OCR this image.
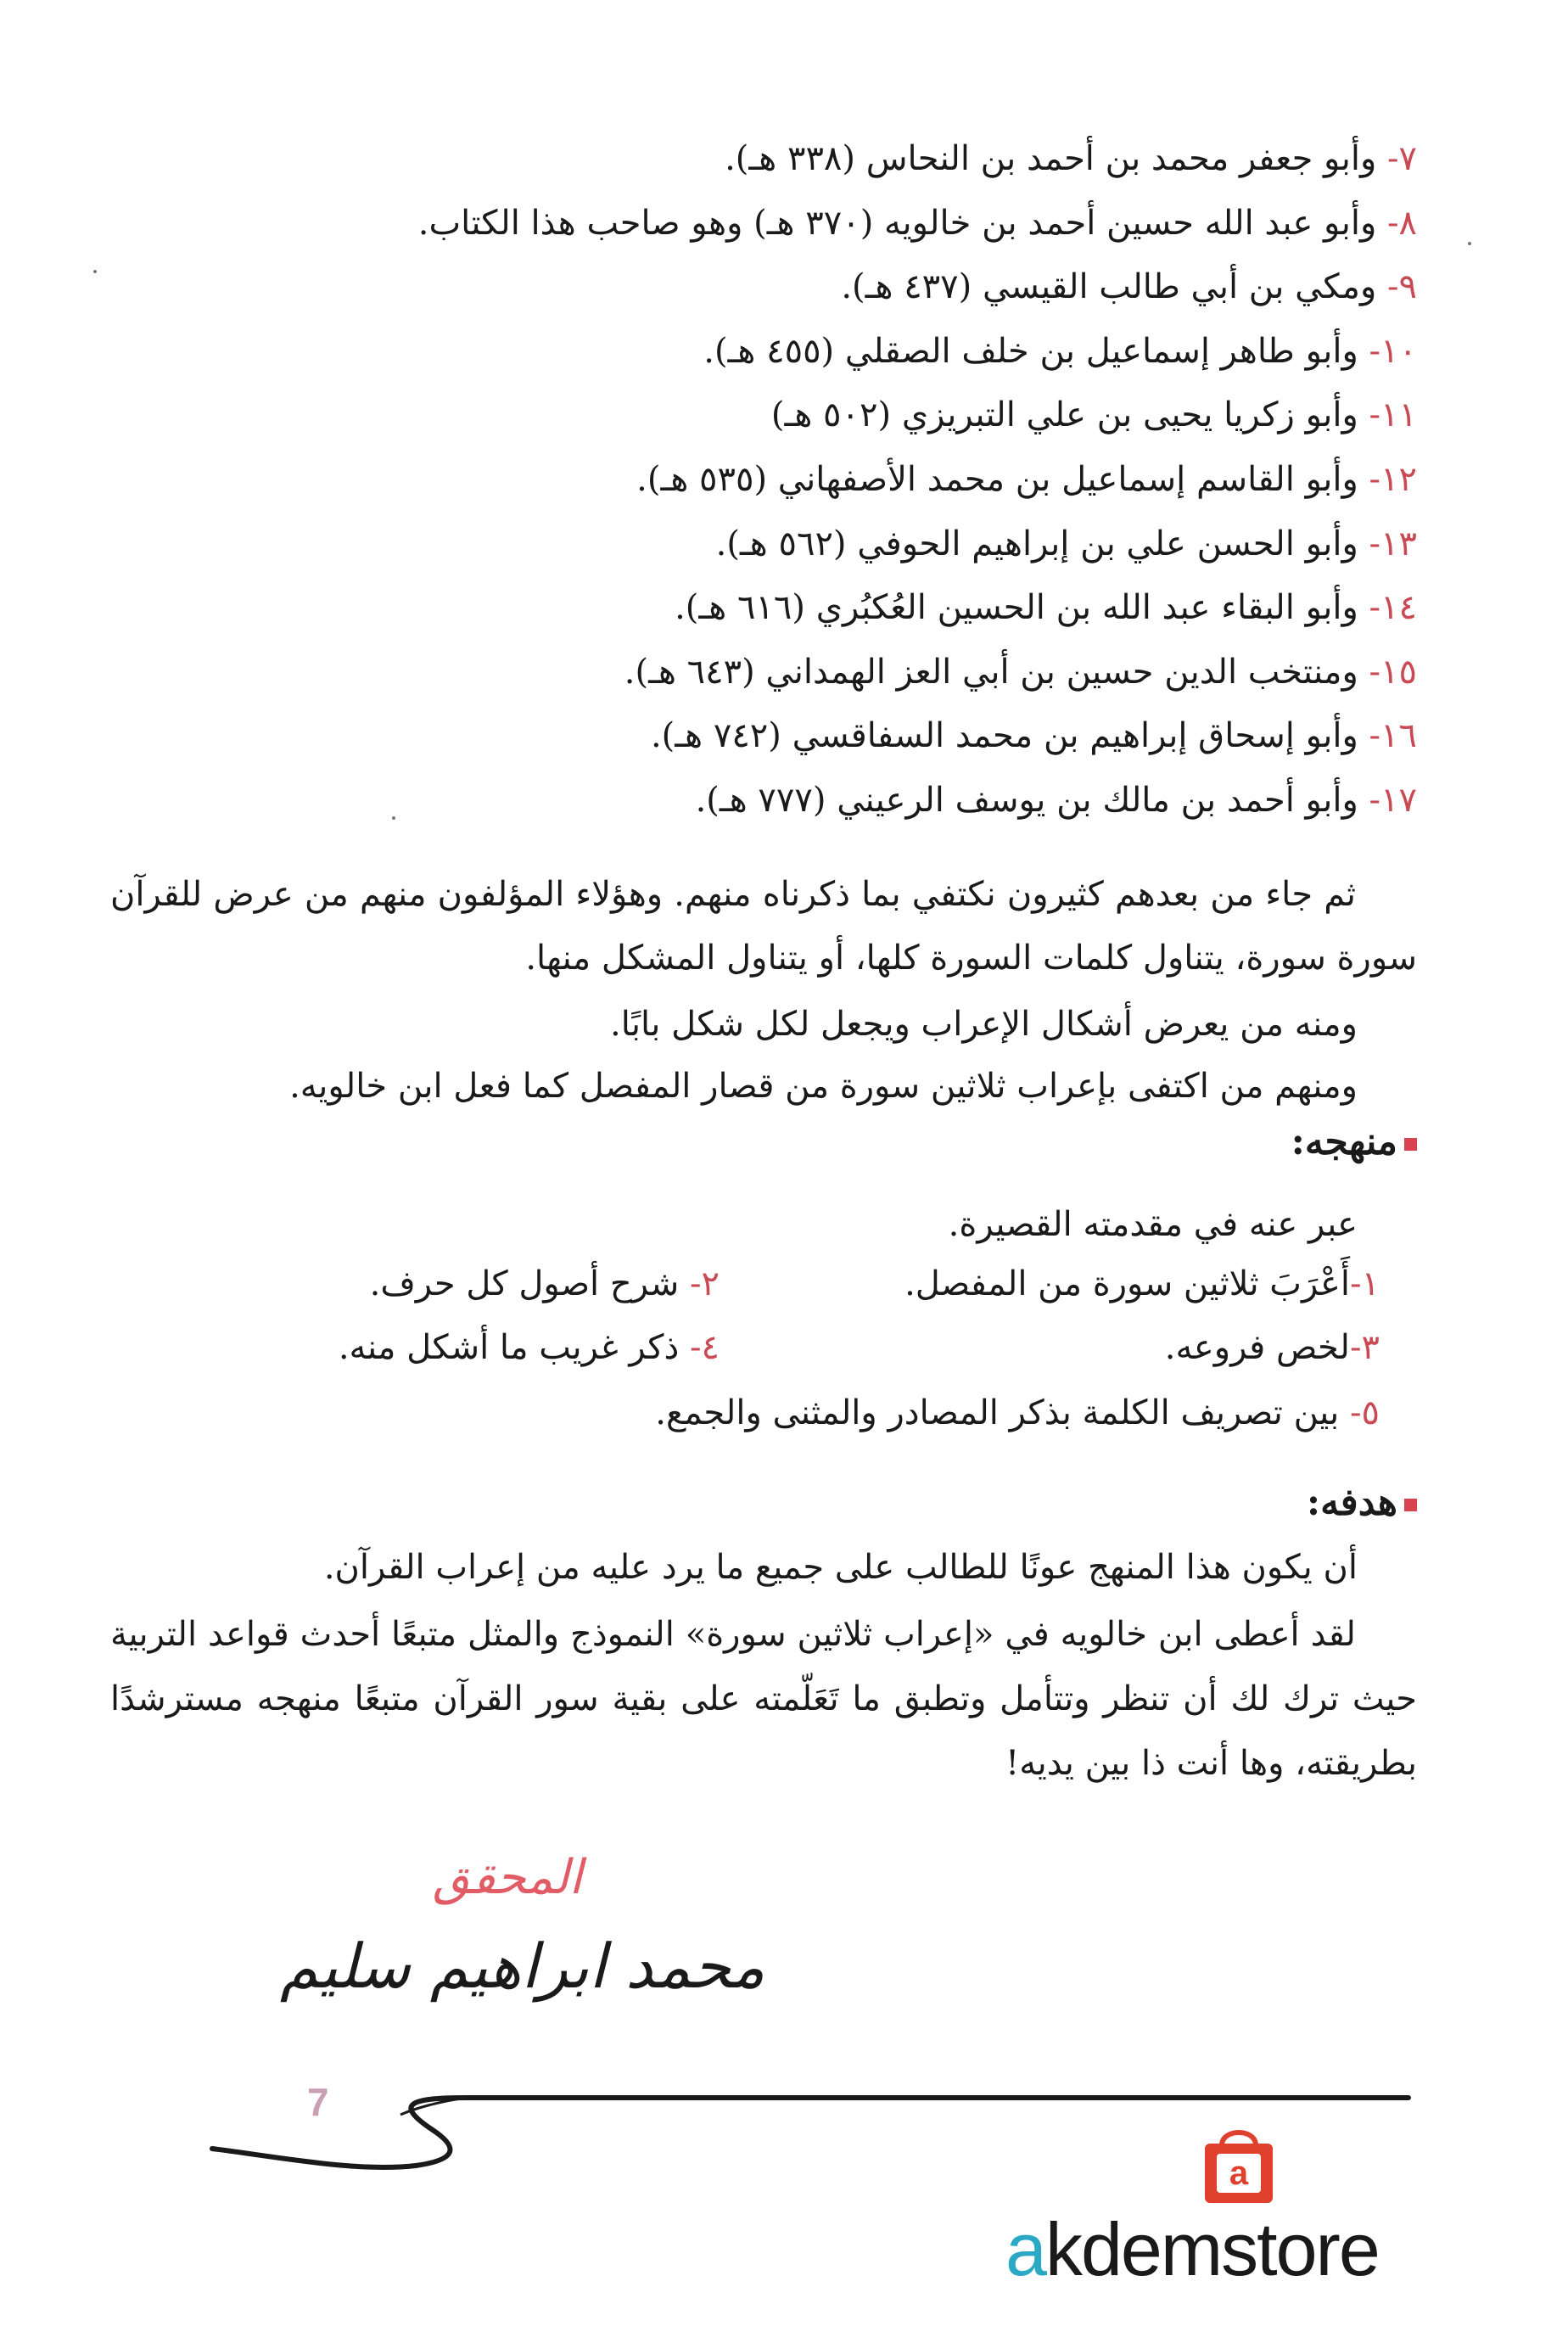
٧- وأبو جعفر محمد بن أحمد بن النحاس (٣٣٨ هـ).
٨- وأبو عبد الله حسين أحمد بن خالويه (٣٧٠ هـ) وهو صاحب هذا الكتاب.
٩- ومكي بن أبي طالب القيسي (٤٣٧ هـ).
١٠- وأبو طاهر إسماعيل بن خلف الصقلي (٤٥٥ هـ).
١١- وأبو زكريا يحيى بن علي التبريزي (٥٠٢ هـ)
١٢- وأبو القاسم إسماعيل بن محمد الأصفهاني (٥٣٥ هـ).
١٣- وأبو الحسن علي بن إبراهيم الحوفي (٥٦٢ هـ).
١٤- وأبو البقاء عبد الله بن الحسين العُكبُري (٦١٦ هـ).
١٥- ومنتخب الدين حسين بن أبي العز الهمداني (٦٤٣ هـ).
١٦- وأبو إسحاق إبراهيم بن محمد السفاقسي (٧٤٢ هـ).
١٧- وأبو أحمد بن مالك بن يوسف الرعيني (٧٧٧ هـ).

ثم جاء من بعدهم كثيرون نكتفي بما ذكرناه منهم. وهؤلاء المؤلفون منهم من عرض للقرآن سورة سورة، يتناول كلمات السورة كلها، أو يتناول المشكل منها.

ومنه من يعرض أشكال الإعراب ويجعل لكل شكل بابًا.

ومنهم من اكتفى بإعراب ثلاثين سورة من قصار المفصل كما فعل ابن خالويه.

منهجه:
عبر عنه في مقدمته القصيرة.
١-أَعْرَبَ ثلاثين سورة من المفصل.
٢- شرح أصول كل حرف.
٣-لخص فروعه.
٤- ذكر غريب ما أشكل منه.
٥- بين تصريف الكلمة بذكر المصادر والمثنى والجمع.
هدفه:

أن يكون هذا المنهج عونًا للطالب على جميع ما يرد عليه من إعراب القرآن.

لقد أعطى ابن خالويه في «إعراب ثلاثين سورة» النموذج والمثل متبعًا أحدث قواعد التربية حيث ترك لك أن تنظر وتتأمل وتطبق ما تَعَلّمته على بقية سور القرآن متبعًا منهجه مسترشدًا بطريقته، وها أنت ذا بين يديه!

المحقق
محمد ابراهيم سليم
7
a
akdemstore
